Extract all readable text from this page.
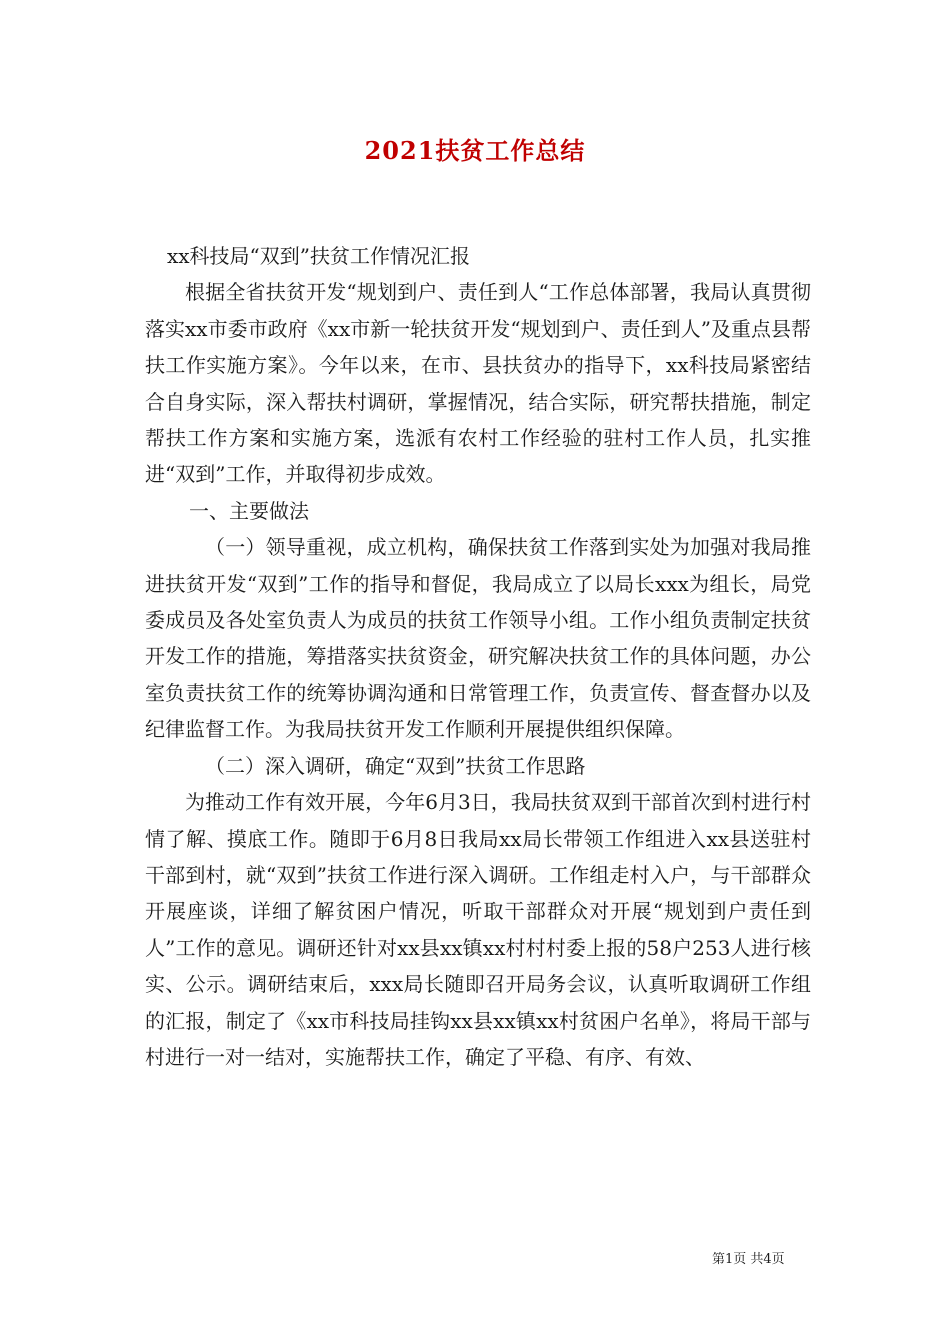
2021扶贫工作总结

xx科技局“双到”扶贫工作情况汇报

根据全省扶贫开发“规划到户、责任到人“工作总体部署，我局认真贯彻落实xx市委市政府《xx市新一轮扶贫开发“规划到户、责任到人”及重点县帮扶工作实施方案》。今年以来，在市、县扶贫办的指导下，xx科技局紧密结合自身实际，深入帮扶村调研，掌握情况，结合实际，研究帮扶措施，制定帮扶工作方案和实施方案，选派有农村工作经验的驻村工作人员，扎实推进“双到”工作，并取得初步成效。

一、主要做法

（一）领导重视，成立机构，确保扶贫工作落到实处为加强对我局推进扶贫开发“双到”工作的指导和督促，我局成立了以局长xxx为组长，局党委成员及各处室负责人为成员的扶贫工作领导小组。工作小组负责制定扶贫开发工作的措施，筹措落实扶贫资金，研究解决扶贫工作的具体问题，办公室负责扶贫工作的统筹协调沟通和日常管理工作，负责宣传、督查督办以及纪律监督工作。为我局扶贫开发工作顺利开展提供组织保障。

（二）深入调研，确定“双到”扶贫工作思路

为推动工作有效开展，今年6月3日，我局扶贫双到干部首次到村进行村情了解、摸底工作。随即于6月8日我局xx局长带领工作组进入xx县送驻村干部到村，就“双到”扶贫工作进行深入调研。工作组走村入户，与干部群众开展座谈，详细了解贫困户情况，听取干部群众对开展“规划到户责任到人”工作的意见。调研还针对xx县xx镇xx村村村委上报的58户253人进行核实、公示。调研结束后，xxx局长随即召开局务会议，认真听取调研工作组的汇报，制定了《xx市科技局挂钩xx县xx镇xx村贫困户名单》，将局干部与村进行一对一结对，实施帮扶工作，确定了平稳、有序、有效、

第1页 共4页
